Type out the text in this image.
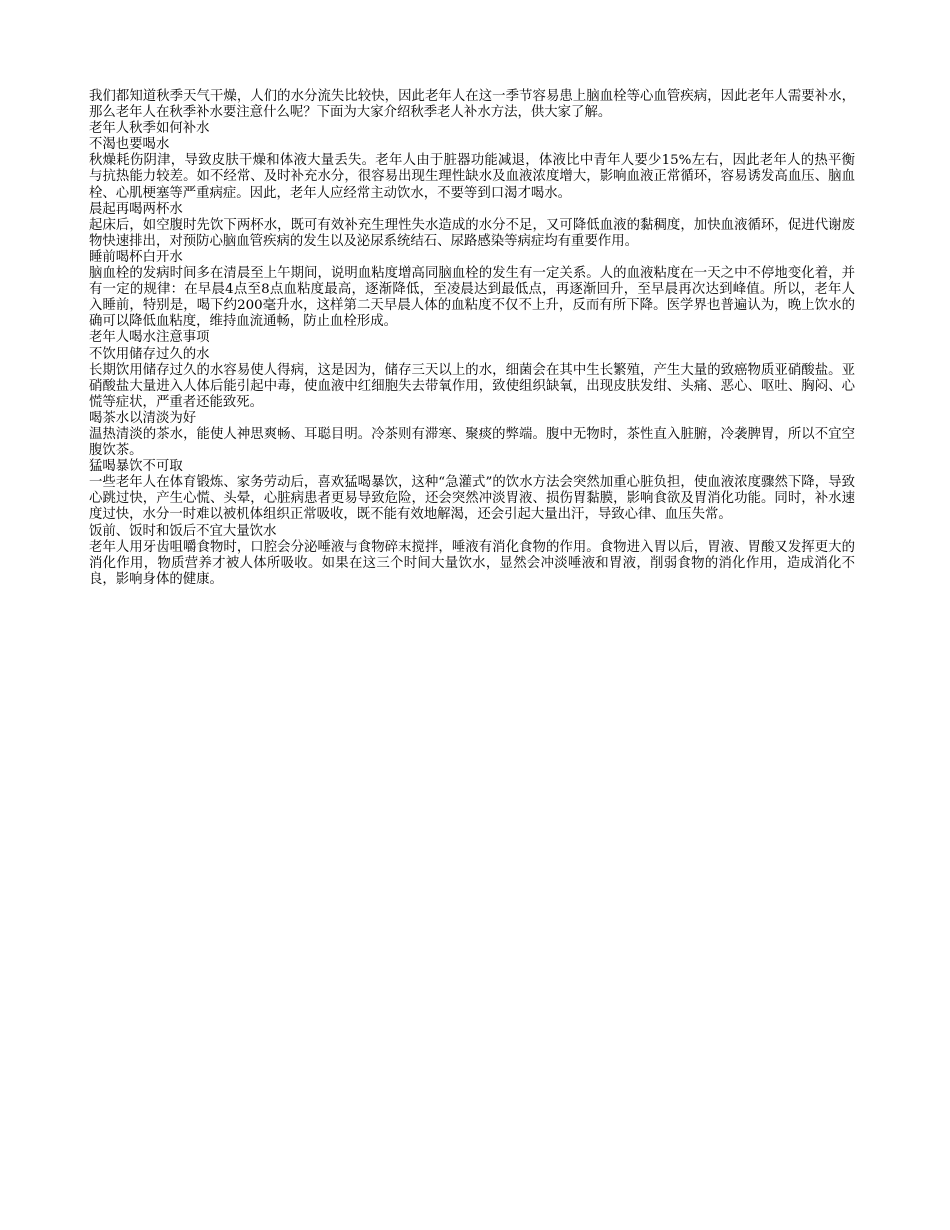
我们都知道秋季天气干燥，人们的水分流失比较快，因此老年人在这一季节容易患上脑血栓等心血管疾病，因此老年人需要补水，那么老年人在秋季补水要注意什么呢？下面为大家介绍秋季老人补水方法，供大家了解。

老年人秋季如何补水
不渴也要喝水

秋燥耗伤阴津，导致皮肤干燥和体液大量丢失。老年人由于脏器功能减退，体液比中青年人要少15%左右，因此老年人的热平衡与抗热能力较差。如不经常、及时补充水分，很容易出现生理性缺水及血液浓度增大，影响血液正常循环，容易诱发高血压、脑血栓、心肌梗塞等严重病症。因此，老年人应经常主动饮水，不要等到口渴才喝水。

晨起再喝两杯水

起床后，如空腹时先饮下两杯水，既可有效补充生理性失水造成的水分不足，又可降低血液的黏稠度，加快血液循环，促进代谢废物快速排出，对预防心脑血管疾病的发生以及泌尿系统结石、尿路感染等病症均有重要作用。

睡前喝杯白开水

脑血栓的发病时间多在清晨至上午期间，说明血粘度增高同脑血栓的发生有一定关系。人的血液粘度在一天之中不停地变化着，并有一定的规律：在早晨4点至8点血粘度最高，逐渐降低，至凌晨达到最低点，再逐渐回升，至早晨再次达到峰值。所以，老年人入睡前，特别是，喝下约200毫升水，这样第二天早晨人体的血粘度不仅不上升，反而有所下降。医学界也普遍认为，晚上饮水的确可以降低血粘度，维持血流通畅，防止血栓形成。

老年人喝水注意事项
不饮用储存过久的水

长期饮用储存过久的水容易使人得病，这是因为，储存三天以上的水，细菌会在其中生长繁殖，产生大量的致癌物质亚硝酸盐。亚硝酸盐大量进入人体后能引起中毒，使血液中红细胞失去带氧作用，致使组织缺氧，出现皮肤发绀、头痛、恶心、呕吐、胸闷、心慌等症状，严重者还能致死。

喝茶水以清淡为好

温热清淡的茶水，能使人神思爽畅、耳聪目明。冷茶则有滞寒、聚痰的弊端。腹中无物时，茶性直入脏腑，冷袭脾胃，所以不宜空腹饮茶。

猛喝暴饮不可取

一些老年人在体育锻炼、家务劳动后，喜欢猛喝暴饮，这种“急灌式”的饮水方法会突然加重心脏负担，使血液浓度骤然下降，导致心跳过快，产生心慌、头晕，心脏病患者更易导致危险，还会突然冲淡胃液、损伤胃黏膜，影响食欲及胃消化功能。同时，补水速度过快，水分一时难以被机体组织正常吸收，既不能有效地解渴，还会引起大量出汗，导致心律、血压失常。

饭前、饭时和饭后不宜大量饮水

老年人用牙齿咀嚼食物时，口腔会分泌唾液与食物碎末搅拌，唾液有消化食物的作用。食物进入胃以后，胃液、胃酸又发挥更大的消化作用，物质营养才被人体所吸收。如果在这三个时间大量饮水，显然会冲淡唾液和胃液，削弱食物的消化作用，造成消化不良，影响身体的健康。
